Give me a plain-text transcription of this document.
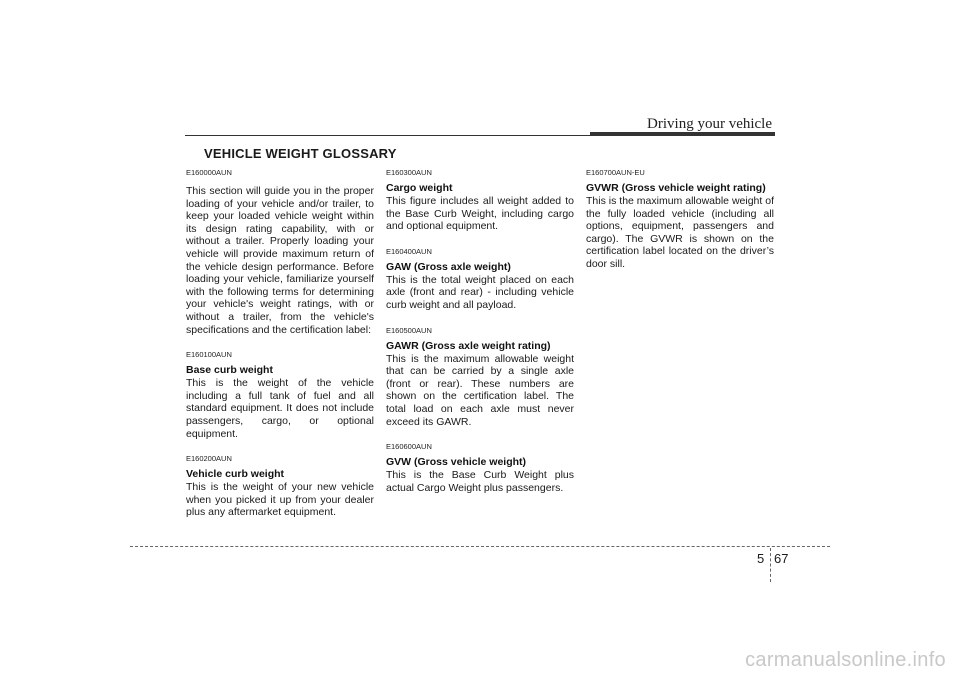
Driving your vehicle
VEHICLE WEIGHT GLOSSARY
E160000AUN
This section will guide you in the proper loading of your vehicle and/or trailer, to keep your loaded vehicle weight within its design rating capability, with or without a trailer. Properly loading your vehicle will provide maximum return of the vehicle design performance. Before loading your vehicle, familiarize yourself with the following terms for determining your vehicle's weight ratings, with or without a trailer, from the vehicle's specifications and the certification label:
E160100AUN
Base curb weight
This is the weight of the vehicle including a full tank of fuel and all standard equipment. It does not include passengers, cargo, or optional equipment.
E160200AUN
Vehicle curb weight
This is the weight of your new vehicle when you picked it up from your dealer plus any aftermarket equipment.
E160300AUN
Cargo weight
This figure includes all weight added to the Base Curb Weight, including cargo and optional equipment.
E160400AUN
GAW (Gross axle weight)
This is the total weight placed on each axle (front and rear) - including vehicle curb weight and all payload.
E160500AUN
GAWR (Gross axle weight rating)
This is the maximum allowable weight that can be carried by a single axle (front or rear). These numbers are shown on the certification label. The total load on each axle must never exceed its GAWR.
E160600AUN
GVW (Gross vehicle weight)
This is the Base Curb Weight plus actual Cargo Weight plus passengers.
E160700AUN-EU
GVWR (Gross vehicle weight rating)
This is the maximum allowable weight of the fully loaded vehicle (including all options, equipment, passengers and cargo). The GVWR is shown on the certification label located on the driver’s door sill.
5 67
carmanualsonline.info
